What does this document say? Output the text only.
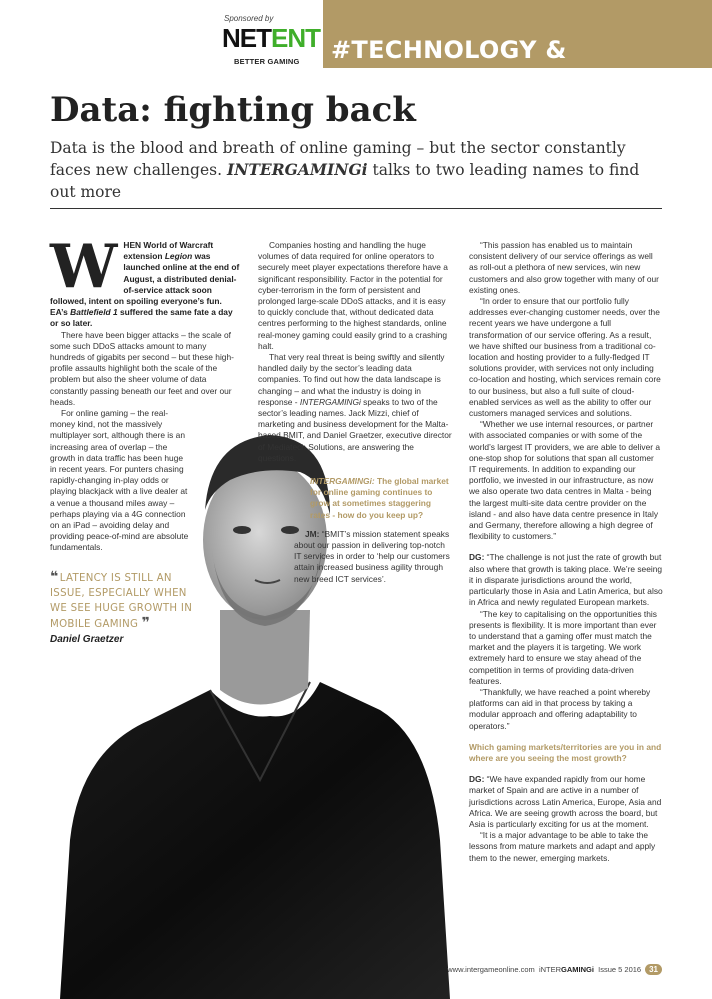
Sponsored by
NETENT
BETTER GAMING #TECHNOLOGY & INNOVATION
Data: fighting back
Data is the blood and breath of online gaming – but the sector constantly faces new challenges. INTERGAMINGi talks to two leading names to find out more
W HEN World of Warcraft extension Legion was launched online at the end of August, a distributed denial-of-service attack soon followed, intent on spoiling everyone’s fun. EA’s Battlefield 1 suffered the same fate a day or so later.

There have been bigger attacks – the scale of some such DDoS attacks amount to many hundreds of gigabits per second – but these high-profile assaults highlight both the scale of the problem but also the sheer volume of data constantly passing beneath our feet and over our heads.

For online gaming – the real-money kind, not the massively multiplayer sort, although there is an increasing area of overlap – the growth in data traffic has been huge in recent years. For punters chasing rapidly-changing in-play odds or playing blackjack with a live dealer at a venue a thousand miles away – perhaps playing via a 4G connection on an iPad – avoiding delay and providing peace-of-mind are absolute fundamentals.

❝ LATENCY IS STILL AN ISSUE, ESPECIALLY WHEN WE SEE HUGE GROWTH IN MOBILE GAMING ❞
Daniel Graetzer

Companies hosting and handling the huge volumes of data required for online operators to securely meet player expectations therefore have a significant responsibility. Factor in the potential for cyber-terrorism in the form of persistent and prolonged large-scale DDoS attacks, and it is easy to quickly conclude that, without dedicated data centres performing to the highest standards, online real-money gaming could easily grind to a crashing halt.

That very real threat is being swiftly and silently handled daily by the sector’s leading data companies. To find out how the data landscape is changing – and what the industry is doing in response - INTERGAMINGi speaks to two of the sector’s leading names. Jack Mizzi, chief of marketing and business development for the Malta-based BMIT, and Daniel Graetzer, executive director of Mediatech Solutions, are answering the questions.

INTERGAMINGi: The global market for online gaming continues to grow at sometimes staggering rates - how do you keep up?

JM: “BMIT’s mission statement speaks about our passion in delivering top-notch IT services in order to ‘help our customers attain increased business agility through new breed ICT services’.

“This passion has enabled us to maintain consistent delivery of our service offerings as well as roll-out a plethora of new services, win new customers and also grow together with many of our existing ones.

“In order to ensure that our portfolio fully addresses ever-changing customer needs, over the recent years we have undergone a full transformation of our service offering. As a result, we have shifted our business from a traditional co-location and hosting provider to a fully-fledged IT solutions provider, with services not only including co-location and hosting, which services remain core to our business, but also a full suite of cloud-enabled services as well as the ability to offer our customers managed services and solutions.

“Whether we use internal resources, or partner with associated companies or with some of the world’s largest IT providers, we are able to deliver a one-stop shop for solutions that span all customer IT requirements. In addition to expanding our portfolio, we invested in our infrastructure, as now we also operate two data centres in Malta - being the largest multi-site data centre provider on the island - and also have data centre presence in Italy and Germany, therefore allowing a high degree of flexibility to customers.”

DG: “The challenge is not just the rate of growth but also where that growth is taking place. We’re seeing it in disparate jurisdictions around the world, particularly those in Asia and Latin America, but also in Africa and newly regulated European markets.

“The key to capitalising on the opportunities this presents is flexibility. It is more important than ever to understand that a gaming offer must match the market and the players it is targeting. We work extremely hard to ensure we stay ahead of the competition in terms of providing data-driven features.

“Thankfully, we have reached a point whereby platforms can aid in that process by taking a modular approach and offering adaptability to operators.”

Which gaming markets/territories are you in and where are you seeing the most growth?

DG: “We have expanded rapidly from our home market of Spain and are active in a number of jurisdictions across Latin America, Europe, Asia and Africa. We are seeing growth across the board, but Asia is particularly exciting for us at the moment.

“It is a major advantage to be able to take the lessons from mature markets and adapt and apply them to the newer, emerging markets.

www.intergameonline.com iNTERGAMINGi Issue 5 2016 31
